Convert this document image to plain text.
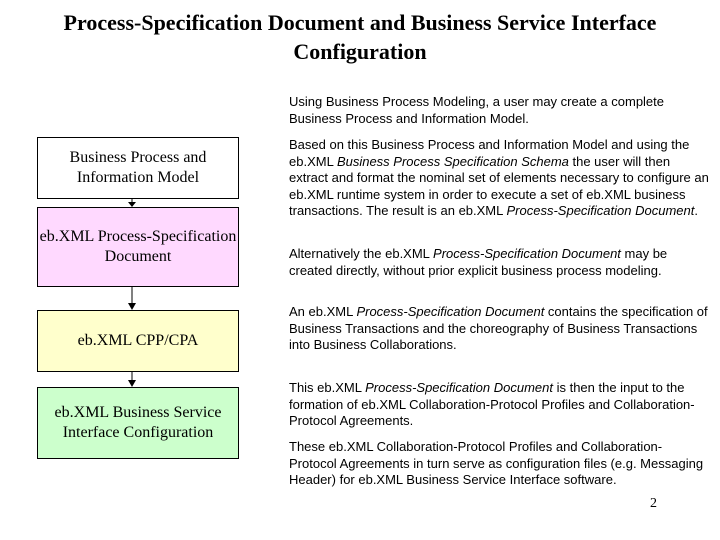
Process-Specification Document and Business Service Interface Configuration
Business Process and Information Model
eb.XML Process-Specification Document
eb.XML CPP/CPA
eb.XML Business Service Interface Configuration
Using Business Process Modeling, a user may create a complete Business Process and Information Model.
Based on this Business Process and Information Model and using the eb.XML Business Process Specification Schema the user will then extract and format the nominal set of elements necessary to configure an eb.XML runtime system in order to execute a set of eb.XML business transactions. The result is an eb.XML Process-Specification Document.
Alternatively the eb.XML Process-Specification Document may be created directly, without prior explicit business process modeling.
An eb.XML Process-Specification Document contains the specification of Business Transactions and the choreography of Business Transactions into Business Collaborations.
This eb.XML Process-Specification Document is then the input to the formation of eb.XML Collaboration-Protocol Profiles and Collaboration-Protocol Agreements.
These eb.XML Collaboration-Protocol Profiles and Collaboration-Protocol Agreements in turn serve as configuration files (e.g. Messaging Header) for eb.XML Business Service Interface software.
2
